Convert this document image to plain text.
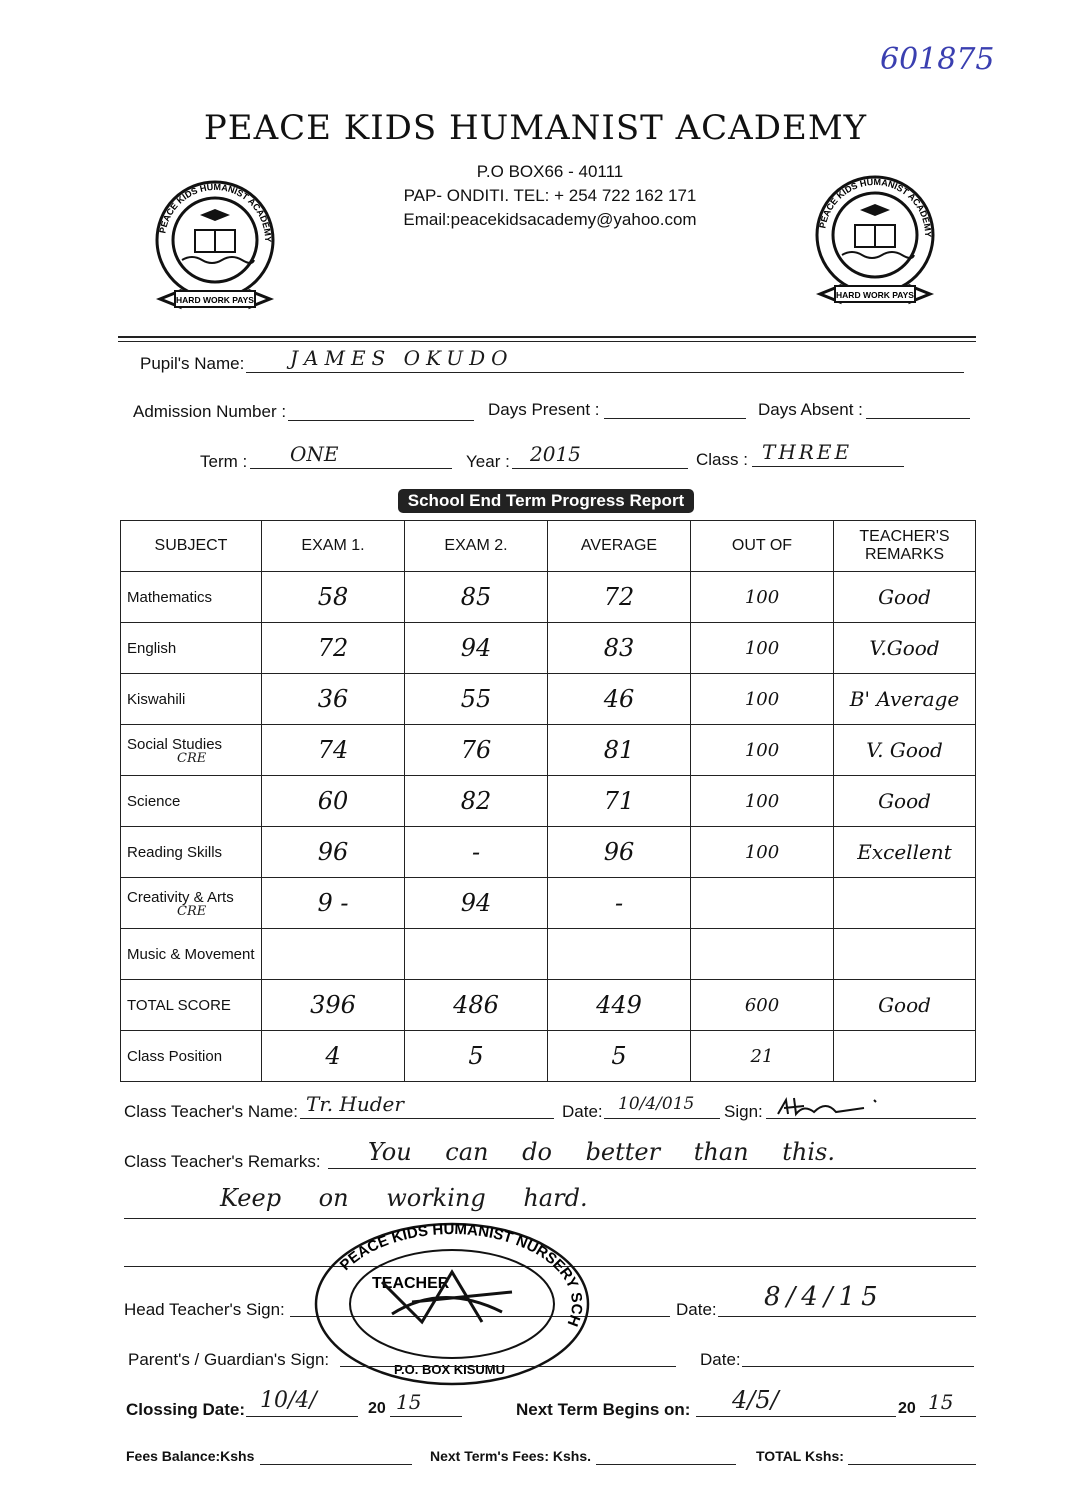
601875
PEACE KIDS HUMANIST ACADEMY
P.O BOX66 - 40111
PAP- ONDITI. TEL: + 254 722 162 171
Email:peacekidsacademy@yahoo.com
PEACE KIDS HUMANIST ACADEMY
HARD WORK PAYS
PEACE KIDS HUMANIST ACADEMY
HARD WORK PAYS
Pupil's Name: JAMES OKUDO
Admission Number :	Days Present :	Days Absent :
Term : ONE	Year : 2015	Class : THREE
School End Term Progress Report
SUBJECT	EXAM 1.	EXAM 2.	AVERAGE	OUT OF	TEACHER'S REMARKS

Mathematics	58	85	72	100	Good

English	72	94	83	100	V.Good

Kiswahili	36	55	46	100	B' Average

Social Studies
CRE	74	76	81	100	V. Good

Science	60	82	71	100	Good

Reading Skills	96	-	96	100	Excellent

Creativity & Arts
CRE	9 -	94	-		

Music & Movement					

TOTAL SCORE	396	486	449	600	Good

Class Position	4	5	5	21	
Class Teacher's Name: Tr. Huder	Date: 10/4/015 Sign:
Class Teacher's Remarks: You can do better than this.
Keep on working hard.
Head Teacher's Sign:	Date: 8/4/15
PEACE KIDS HUMANIST NURSERY SCH
TEACHER
P.O. BOX KISUMU
Parent's / Guardian's Sign:	Date:
Clossing Date: 10/4/	20 15	Next Term Begins on: 4/5/	20 15
Fees Balance:Kshs	Next Term's Fees: Kshs.	TOTAL Kshs:
